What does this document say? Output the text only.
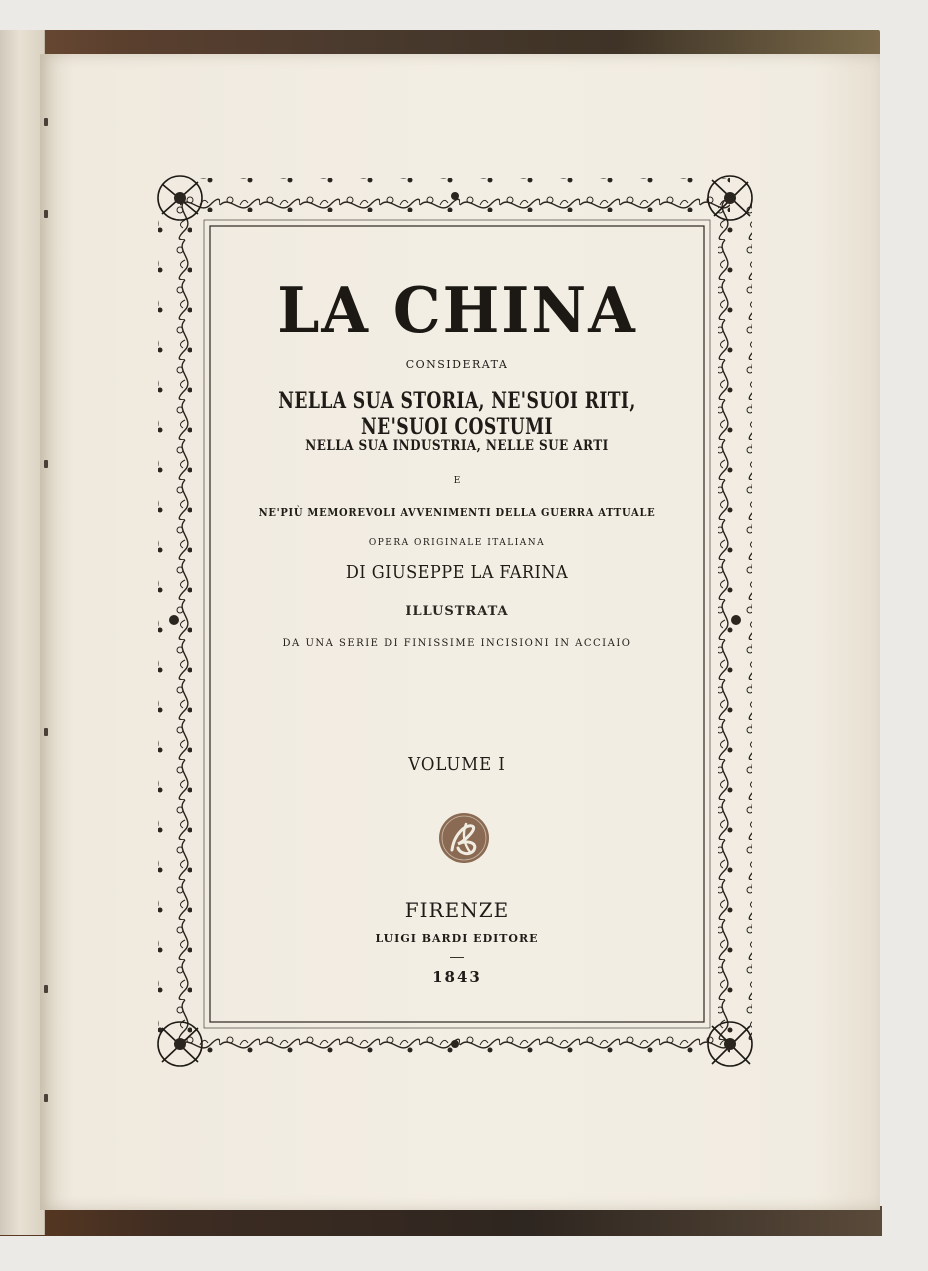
LA CHINA
CONSIDERATA
NELLA SUA STORIA, NE'SUOI RITI, NE'SUOI COSTUMI
NELLA SUA INDUSTRIA, NELLE SUE ARTI
E
NE'PIÙ MEMOREVOLI AVVENIMENTI DELLA GUERRA ATTUALE
OPERA ORIGINALE ITALIANA
DI GIUSEPPE LA FARINA
ILLUSTRATA
DA UNA SERIE DI FINISSIME INCISIONI IN ACCIAIO
VOLUME I
FIRENZE
LUIGI BARDI EDITORE
1843
